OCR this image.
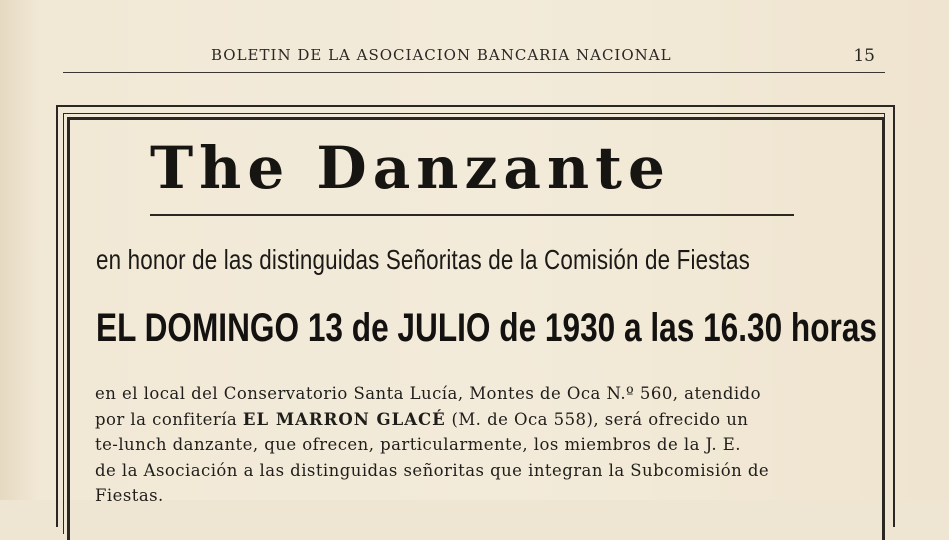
BOLETIN DE LA ASOCIACION BANCARIA NACIONAL	15
The Danzante
en honor de las distinguidas Señoritas de la Comisión de Fiestas
EL DOMINGO 13 de JULIO de 1930 a las 16.30 horas
en el local del Conservatorio Santa Lucía, Montes de Oca N.º 560, atendido
por la confitería EL MARRON GLACÉ (M. de Oca 558), será ofrecido un
te-lunch danzante, que ofrecen, particularmente, los miembros de la J. E.
de la Asociación a las distinguidas señoritas que integran la Subcomisión de
Fiestas.
